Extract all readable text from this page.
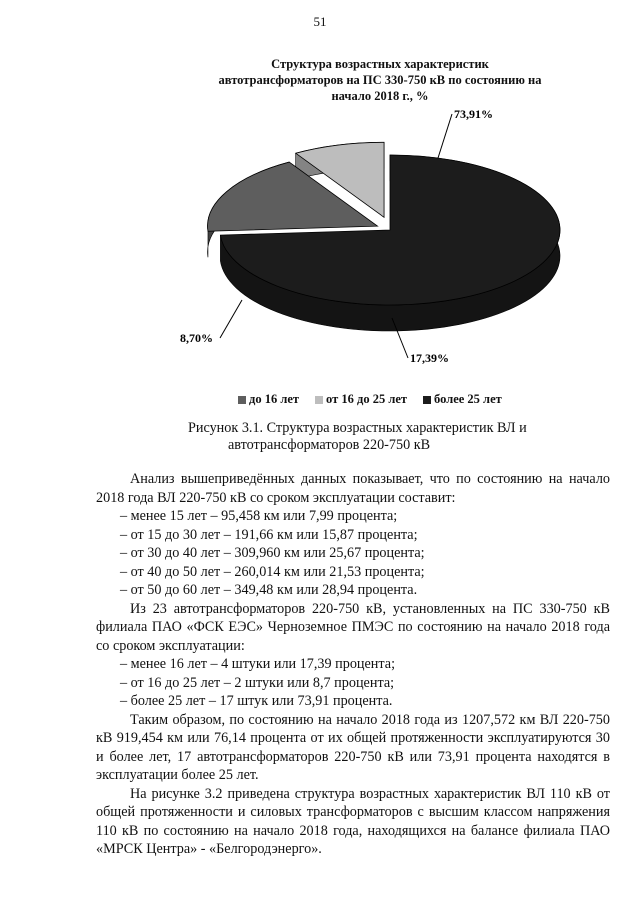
51
Структура возрастных характеристик
автотрансформаторов на ПС 330-750 кВ по состоянию на
начало 2018 г., %
17,39%
8,70%
73,91%
до 16 лет от 16 до 25 лет более 25 лет
Рисунок 3.1. Структура возрастных характеристик ВЛ и
автотрансформаторов 220-750 кВ

Анализ вышеприведённых данных показывает, что по состоянию на начало 2018 года ВЛ 220-750 кВ со сроком эксплуатации составит:

– менее 15 лет – 95,458 км или 7,99 процента;

– от 15 до 30 лет – 191,66 км или 15,87 процента;

– от 30 до 40 лет – 309,960 км или 25,67 процента;

– от 40 до 50 лет – 260,014 км или 21,53 процента;

– от 50 до 60 лет – 349,48 км или 28,94 процента.

Из 23 автотрансформаторов 220-750 кВ, установленных на ПС 330-750 кВ филиала ПАО «ФСК ЕЭС» Черноземное ПМЭС по состоянию на начало 2018 года со сроком эксплуатации:

– менее 16 лет – 4 штуки или 17,39 процента;

– от 16 до 25 лет – 2 штуки или 8,7 процента;

– более 25 лет – 17 штук или 73,91 процента.

Таким образом, по состоянию на начало 2018 года из 1207,572 км ВЛ 220-750 кВ 919,454 км или 76,14 процента от их общей протяженности эксплуатируются 30 и более лет, 17 автотрансформаторов 220-750 кВ или 73,91 процента находятся в эксплуатации более 25 лет.

На рисунке 3.2 приведена структура возрастных характеристик ВЛ 110 кВ от общей протяженности и силовых трансформаторов с высшим классом напряжения 110 кВ по состоянию на начало 2018 года, находящихся на балансе филиала ПАО «МРСК Центра» - «Белгородэнерго».
